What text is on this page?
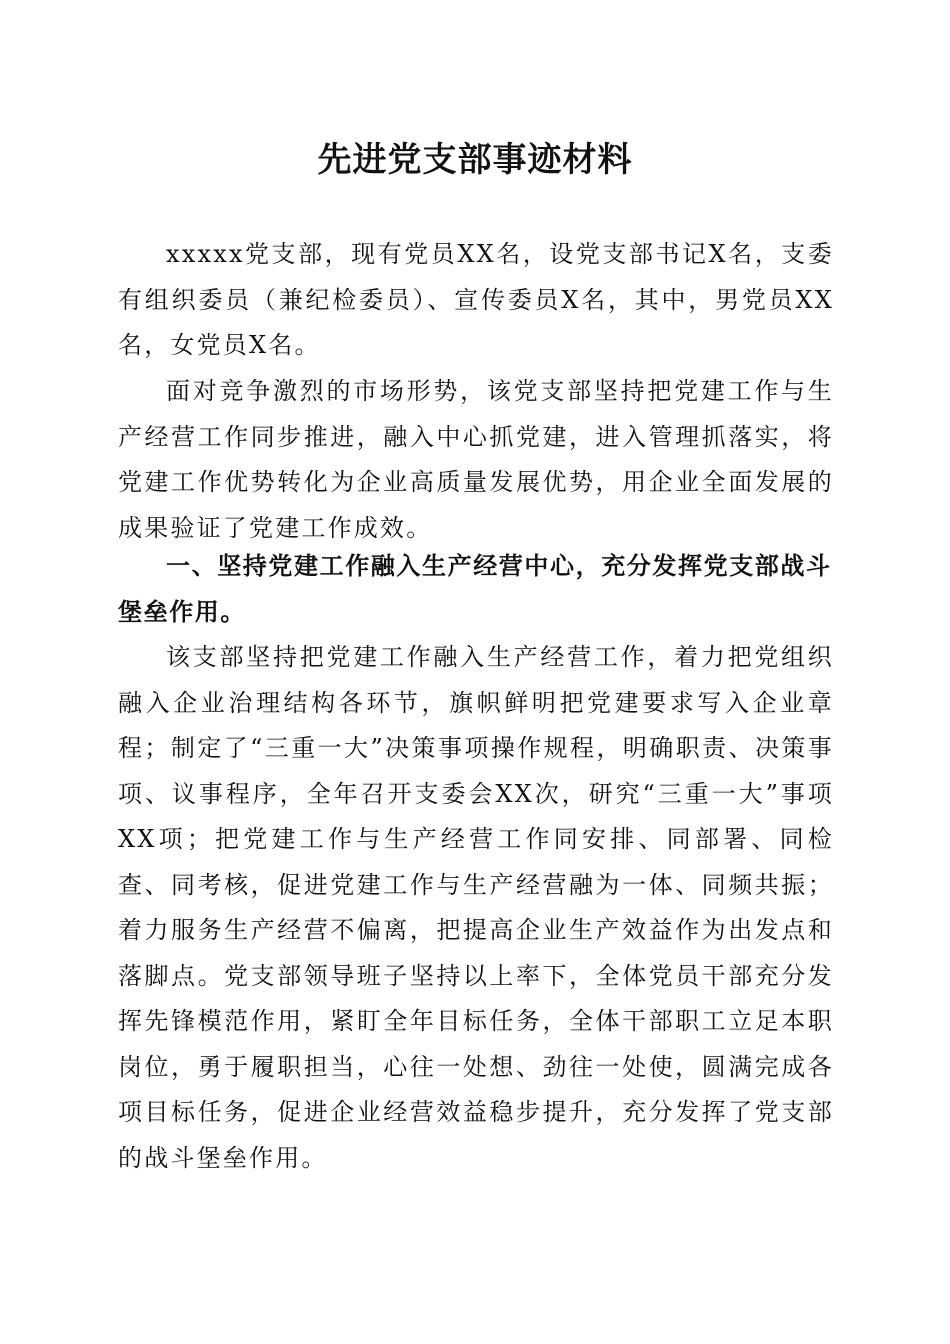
先进党支部事迹材料

xxxxx党支部，现有党员XX名，设党支部书记X名，支委有组织委员（兼纪检委员）、宣传委员X名，其中，男党员XX名，女党员X名。

面对竞争激烈的市场形势，该党支部坚持把党建工作与生产经营工作同步推进，融入中心抓党建，进入管理抓落实，将党建工作优势转化为企业高质量发展优势，用企业全面发展的成果验证了党建工作成效。

一、坚持党建工作融入生产经营中心，充分发挥党支部战斗堡垒作用。

该支部坚持把党建工作融入生产经营工作，着力把党组织融入企业治理结构各环节，旗帜鲜明把党建要求写入企业章程；制定了“三重一大”决策事项操作规程，明确职责、决策事项、议事程序，全年召开支委会XX次，研究“三重一大”事项XX项；把党建工作与生产经营工作同安排、同部署、同检查、同考核，促进党建工作与生产经营融为一体、同频共振；着力服务生产经营不偏离，把提高企业生产效益作为出发点和落脚点。党支部领导班子坚持以上率下，全体党员干部充分发挥先锋模范作用，紧盯全年目标任务，全体干部职工立足本职岗位，勇于履职担当，心往一处想、劲往一处使，圆满完成各项目标任务，促进企业经营效益稳步提升，充分发挥了党支部的战斗堡垒作用。
